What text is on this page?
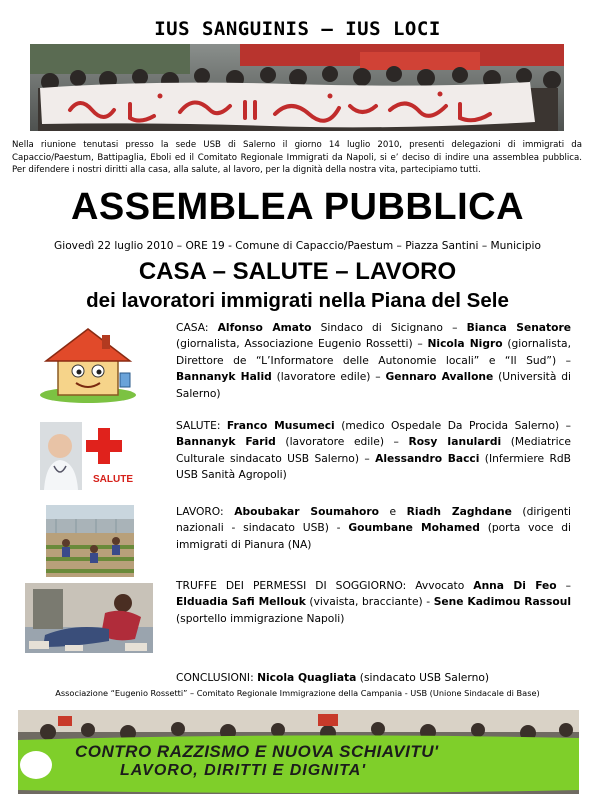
IUS SANGUINIS – IUS LOCI
Nella riunione tenutasi presso la sede USB di Salerno il giorno 14 luglio 2010, presenti delegazioni di immigrati da Capaccio/Paestum, Battipaglia, Eboli ed il Comitato Regionale Immigrati da Napoli, si e’ deciso di indire una assemblea pubblica. Per difendere i nostri diritti alla casa, alla salute, al lavoro, per la dignità della nostra vita, partecipiamo tutti.
ASSEMBLEA PUBBLICA
Giovedì 22 luglio 2010 – ORE 19 - Comune di Capaccio/Paestum – Piazza Santini – Municipio
CASA – SALUTE – LAVORO
dei lavoratori immigrati nella Piana del Sele
SALUTE
CASA: Alfonso Amato Sindaco di Sicignano – Bianca Senatore (giornalista, Associazione Eugenio Rossetti) – Nicola Nigro (giornalista, Direttore de “L’Informatore delle Autonomie locali” e “Il Sud”) – Bannanyk Halid (lavoratore edile) – Gennaro Avallone (Università di Salerno)
SALUTE: Franco Musumeci (medico Ospedale Da Procida Salerno) – Bannanyk Farid (lavoratore edile) – Rosy Ianulardi (Mediatrice Culturale sindacato USB Salerno) – Alessandro Bacci (Infermiere RdB USB Sanità Agropoli)
LAVORO: Aboubakar Soumahoro e Riadh Zaghdane (dirigenti nazionali - sindacato USB) - Goumbane Mohamed (porta voce di immigrati di Pianura (NA)
TRUFFE DEI PERMESSI DI SOGGIORNO: Avvocato Anna Di Feo – Elduadia Safi Mellouk (vivaista, bracciante) - Sene Kadimou Rassoul (sportello immigrazione Napoli)
CONCLUSIONI: Nicola Quagliata (sindacato USB Salerno)
Associazione “Eugenio Rossetti” – Comitato Regionale Immigrazione della Campania - USB (Unione Sindacale di Base)
CONTRO RAZZISMO E NUOVA SCHIAVITU'
LAVORO, DIRITTI E DIGNITA'
